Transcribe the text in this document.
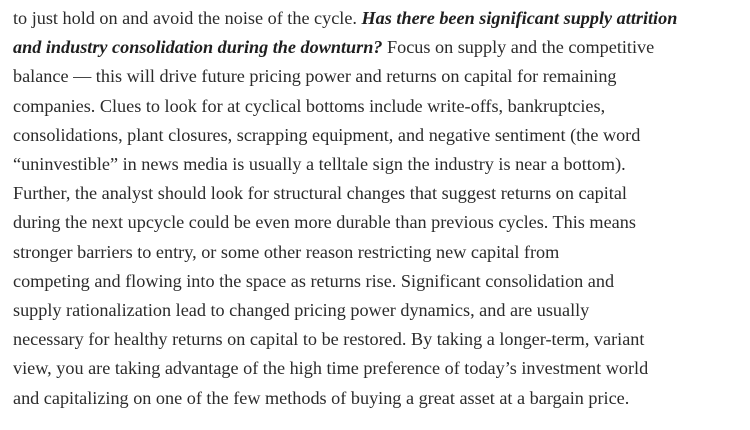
to just hold on and avoid the noise of the cycle. Has there been significant supply attrition
and industry consolidation during the downturn? Focus on supply and the competitive
balance — this will drive future pricing power and returns on capital for remaining
companies. Clues to look for at cyclical bottoms include write-offs, bankruptcies,
consolidations, plant closures, scrapping equipment, and negative sentiment (the word
“uninvestible” in news media is usually a telltale sign the industry is near a bottom).
Further, the analyst should look for structural changes that suggest returns on capital
during the next upcycle could be even more durable than previous cycles. This means
stronger barriers to entry, or some other reason restricting new capital from
competing and flowing into the space as returns rise. Significant consolidation and
supply rationalization lead to changed pricing power dynamics, and are usually
necessary for healthy returns on capital to be restored. By taking a longer-term, variant
view, you are taking advantage of the high time preference of today’s investment world
and capitalizing on one of the few methods of buying a great asset at a bargain price.
